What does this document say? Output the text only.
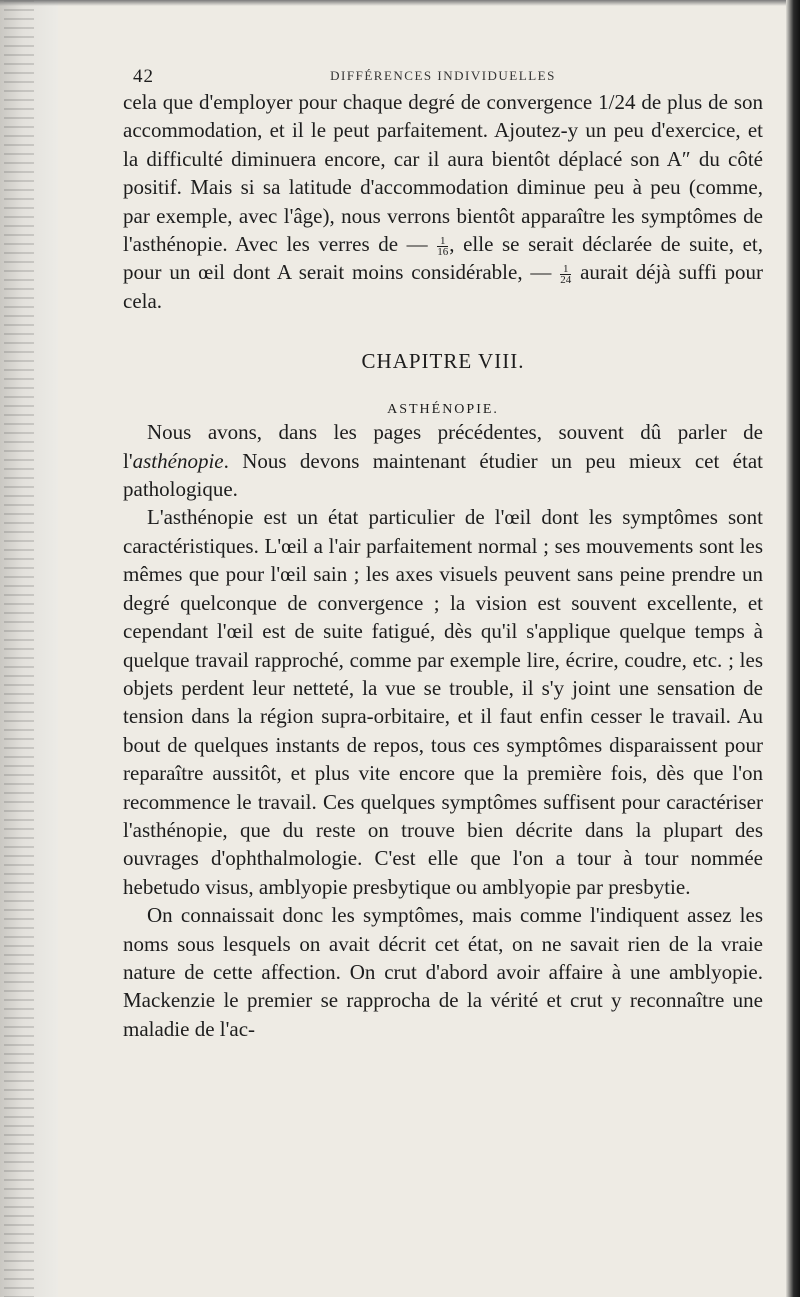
42	DIFFÉRENCES INDIVIDUELLES

cela que d'employer pour chaque degré de convergence 1/24 de plus de son accommodation, et il le peut parfaitement. Ajoutez-y un peu d'exercice, et la difficulté diminuera encore, car il aura bientôt déplacé son A″ du côté positif. Mais si sa latitude d'accommodation diminue peu à peu (comme, par exemple, avec l'âge), nous verrons bientôt apparaître les symptômes de l'asthénopie. Avec les verres de — $\frac{1}{16}$ , elle se serait déclarée de suite, et, pour un œil dont A serait moins considérable, — $\frac{1}{24}$ aurait déjà suffi pour cela.

CHAPITRE VIII.
ASTHÉNOPIE.

Nous avons, dans les pages précédentes, souvent dû parler de l'asthénopie. Nous devons maintenant étudier un peu mieux cet état pathologique.

L'asthénopie est un état particulier de l'œil dont les symptômes sont caractéristiques. L'œil a l'air parfaitement normal ; ses mouvements sont les mêmes que pour l'œil sain ; les axes visuels peuvent sans peine prendre un degré quelconque de convergence ; la vision est souvent excellente, et cependant l'œil est de suite fatigué, dès qu'il s'applique quelque temps à quelque travail rapproché, comme par exemple lire, écrire, coudre, etc. ; les objets perdent leur netteté, la vue se trouble, il s'y joint une sensation de tension dans la région supra-orbitaire, et il faut enfin cesser le travail. Au bout de quelques instants de repos, tous ces symptômes disparaissent pour reparaître aussitôt, et plus vite encore que la première fois, dès que l'on recommence le travail. Ces quelques symptômes suffisent pour caractériser l'asthénopie, que du reste on trouve bien décrite dans la plupart des ouvrages d'ophthalmologie. C'est elle que l'on a tour à tour nommée hebetudo visus, amblyopie presbytique ou amblyopie par presbytie.

On connaissait donc les symptômes, mais comme l'indiquent assez les noms sous lesquels on avait décrit cet état, on ne savait rien de la vraie nature de cette affection. On crut d'abord avoir affaire à une amblyopie. Mackenzie le premier se rapprocha de la vérité et crut y reconnaître une maladie de l'ac-
